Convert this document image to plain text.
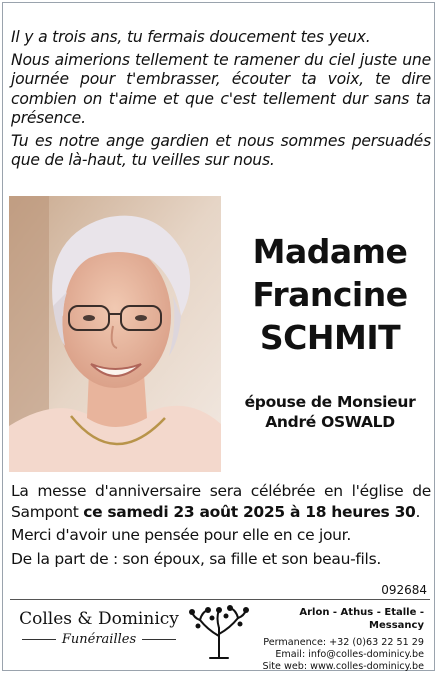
Il y a trois ans, tu fermais doucement tes yeux.

Nous aimerions tellement te ramener du ciel juste une journée pour t'embrasser, écouter ta voix, te dire combien on t'aime et que c'est tellement dur sans ta présence.

Tu es notre ange gardien et nous sommes persuadés que de là-haut, tu veilles sur nous.

Madame
Francine
SCHMIT
épouse de Monsieur
André OSWALD

La messe d'anniversaire sera célébrée en l'église de Sampont ce samedi 23 août 2025 à 18 heures 30.

Merci d'avoir une pensée pour elle en ce jour.

De la part de : son époux, sa fille et son beau-fils.

092684
Colles & Dominicy
Funérailles
Arlon - Athus - Etalle - Messancy
Permanence: +32 (0)63 22 51 29
Email: info@colles-dominicy.be
Site web: www.colles-dominicy.be
